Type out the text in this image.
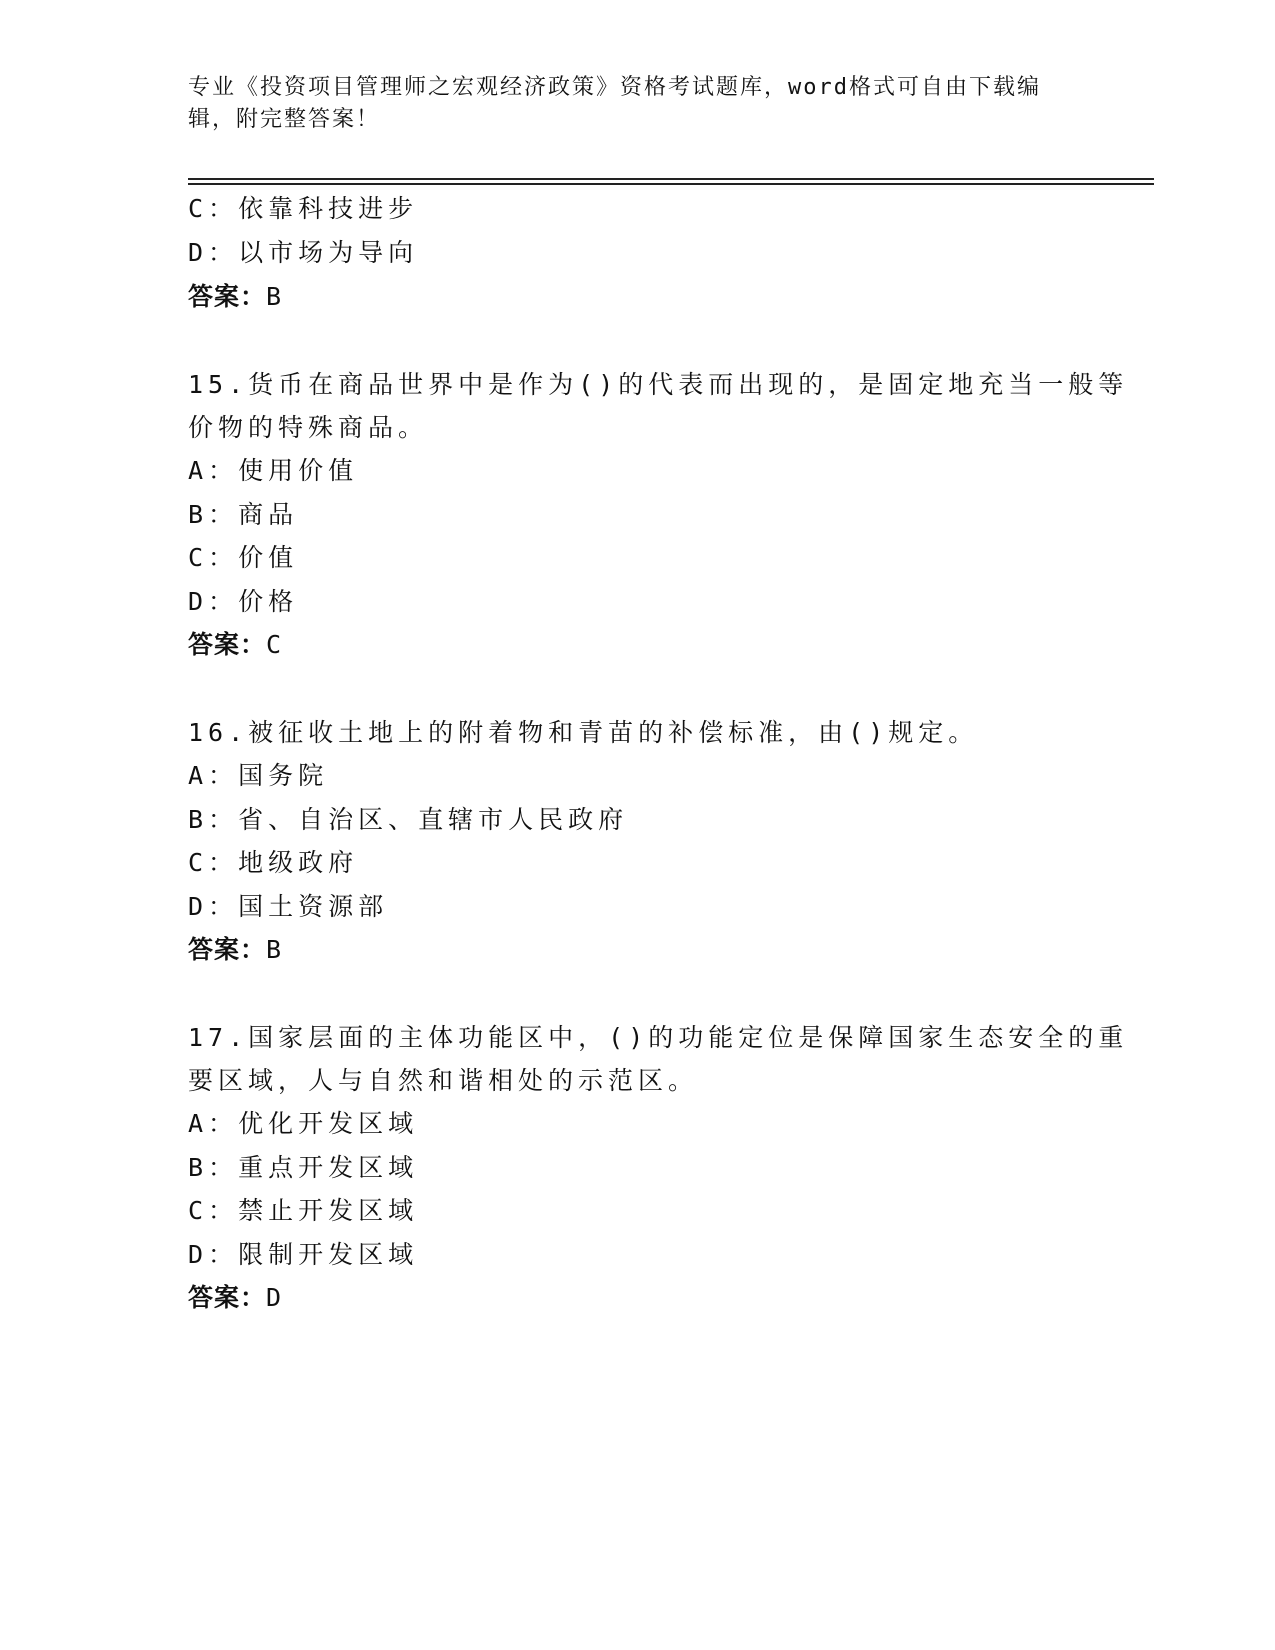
专业《投资项目管理师之宏观经济政策》资格考试题库，word格式可自由下载编
辑，附完整答案！
C：依靠科技进步
D：以市场为导向
答案：B
15.货币在商品世界中是作为()的代表而出现的，是固定地充当一般等
价物的特殊商品。
A：使用价值
B：商品
C：价值
D：价格
答案：C
16.被征收土地上的附着物和青苗的补偿标准，由()规定。
A：国务院
B：省、自治区、直辖市人民政府
C：地级政府
D：国土资源部
答案：B
17.国家层面的主体功能区中，()的功能定位是保障国家生态安全的重
要区域，人与自然和谐相处的示范区。
A：优化开发区域
B：重点开发区域
C：禁止开发区域
D：限制开发区域
答案：D
